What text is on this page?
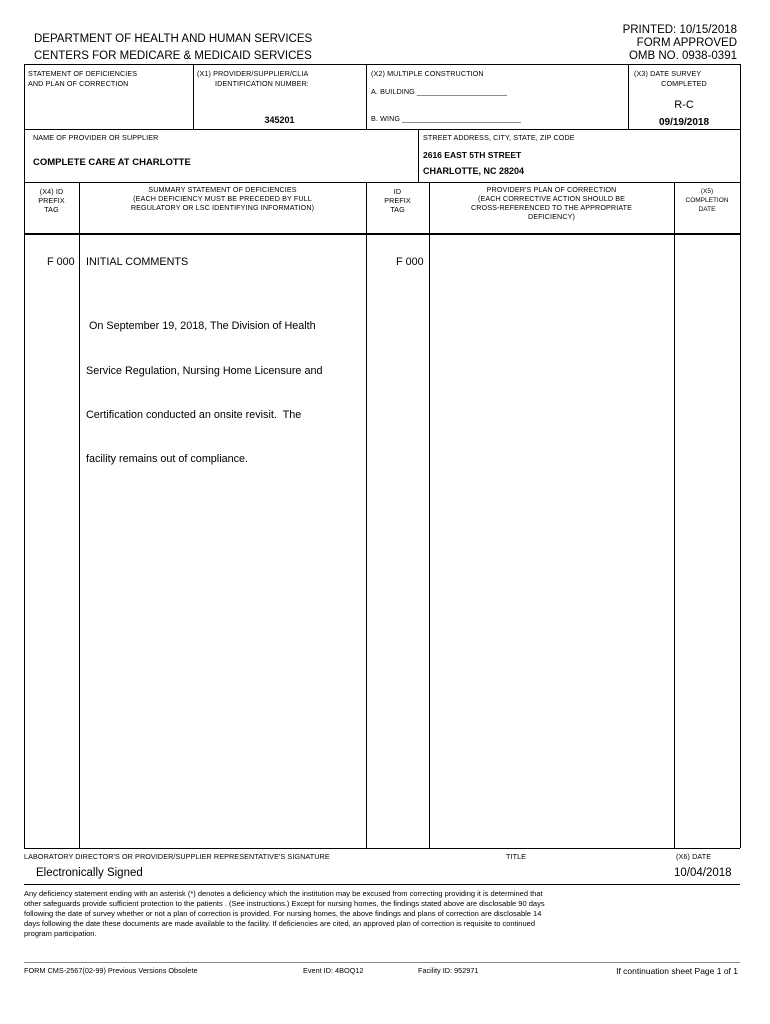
DEPARTMENT OF HEALTH AND HUMAN SERVICES
CENTERS FOR MEDICARE & MEDICAID SERVICES
PRINTED: 10/15/2018
FORM APPROVED
OMB NO. 0938-0391
STATEMENT OF DEFICIENCIES
AND PLAN OF CORRECTION
(X1) PROVIDER/SUPPLIER/CLIA
IDENTIFICATION NUMBER:
345201
(X2) MULTIPLE CONSTRUCTION
A. BUILDING ______________________
B. WING _____________________________
(X3) DATE SURVEY
COMPLETED
R-C
09/19/2018
NAME OF PROVIDER OR SUPPLIER
COMPLETE CARE AT CHARLOTTE
STREET ADDRESS, CITY, STATE, ZIP CODE
2616 EAST 5TH STREET
CHARLOTTE, NC 28204
(X4) ID
PREFIX
TAG
SUMMARY STATEMENT OF DEFICIENCIES
(EACH DEFICIENCY MUST BE PRECEDED BY FULL
REGULATORY OR LSC IDENTIFYING INFORMATION)
ID
PREFIX
TAG
PROVIDER'S PLAN OF CORRECTION
(EACH CORRECTIVE ACTION SHOULD BE
CROSS-REFERENCED TO THE APPROPRIATE
DEFICIENCY)
(X5)
COMPLETION
DATE
F 000 INITIAL COMMENTS	F 000

On September 19, 2018, The Division of Health

Service Regulation, Nursing Home Licensure and

Certification conducted an onsite revisit.  The

facility remains out of compliance.

LABORATORY DIRECTOR'S OR PROVIDER/SUPPLIER REPRESENTATIVE'S SIGNATURE
Electronically Signed
TITLE	(X6) DATE
10/04/2018
Any deficiency statement ending with an asterisk (*) denotes a deficiency which the institution may be excused from correcting providing it is determined that
other safeguards provide sufficient protection to the patients . (See instructions.) Except for nursing homes, the findings stated above are disclosable 90 days
following the date of survey whether or not a plan of correction is provided. For nursing homes, the above findings and plans of correction are disclosable 14
days following the date these documents are made available to the facility. If deficiencies are cited, an approved plan of correction is requisite to continued
program participation.
FORM CMS-2567(02-99) Previous Versions Obsolete	Event ID: 4BOQ12	Facility ID: 952971	If continuation sheet Page 1 of 1
